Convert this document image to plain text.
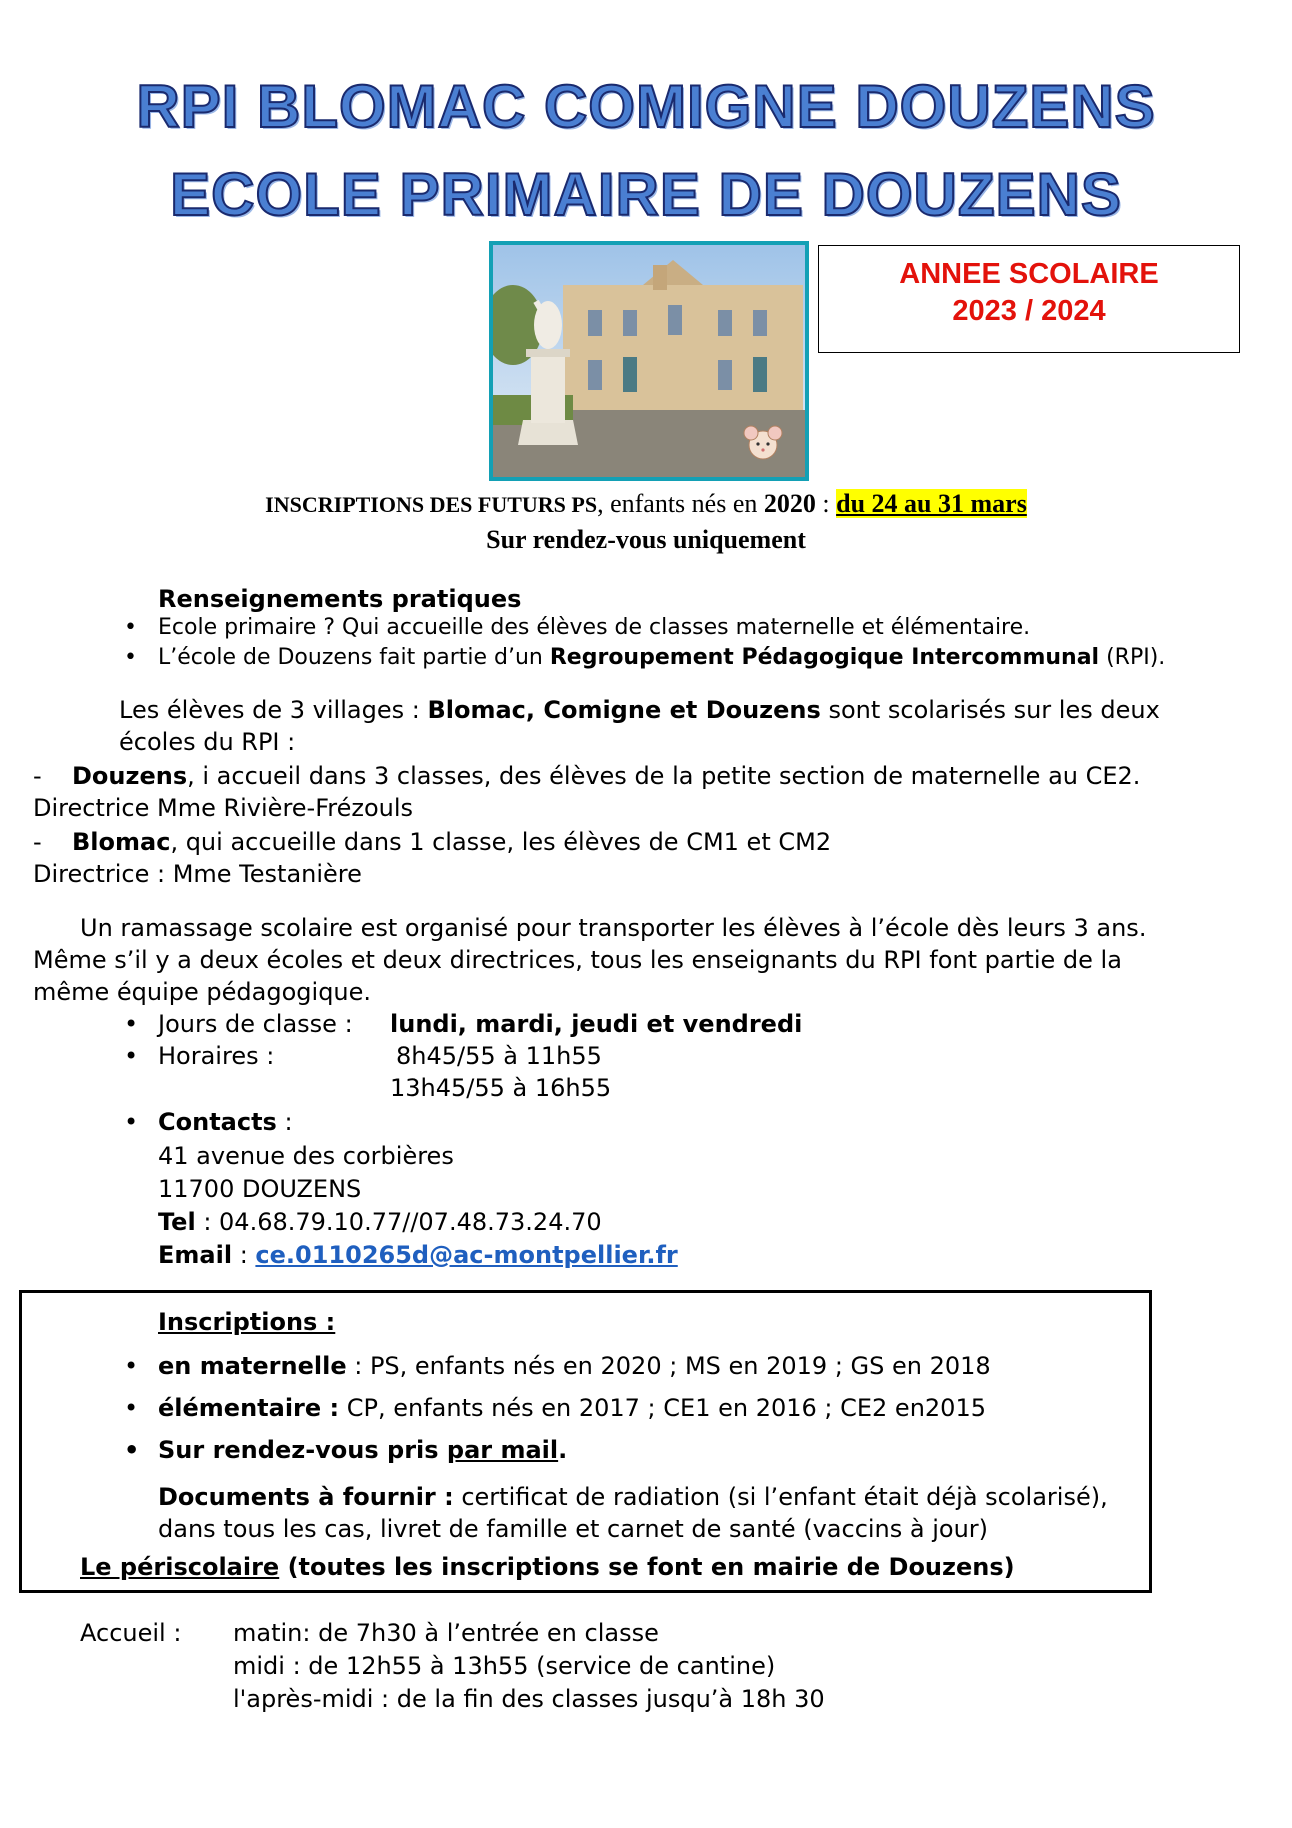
RPI BLOMAC COMIGNE DOUZENS
ECOLE PRIMAIRE DE DOUZENS
ANNEE SCOLAIRE
2023 / 2024
INSCRIPTIONS DES FUTURS PS, enfants nés en 2020 : du 24 au 31 mars
Sur rendez-vous uniquement
Renseignements pratiques
• Ecole primaire ? Qui accueille des élèves de classes maternelle et élémentaire.
• L’école de Douzens fait partie d’un Regroupement Pédagogique Intercommunal (RPI).
Les élèves de 3 villages : Blomac, Comigne et Douzens sont scolarisés sur les deux
écoles du RPI :
- Douzens, i accueil dans 3 classes, des élèves de la petite section de maternelle au CE2.
Directrice Mme Rivière-Frézouls
- Blomac, qui accueille dans 1 classe, les élèves de CM1 et CM2
Directrice : Mme Testanière
Un ramassage scolaire est organisé pour transporter les élèves à l’école dès leurs 3 ans.
Même s’il y a deux écoles et deux directrices, tous les enseignants du RPI font partie de la
même équipe pédagogique.
• Jours de classe : lundi, mardi, jeudi et vendredi
• Horaires :	8h45/55 à 11h55
13h45/55 à 16h55
• Contacts :
41 avenue des corbières
11700 DOUZENS
Tel : 04.68.79.10.77//07.48.73.24.70
Email : ce.0110265d@ac-montpellier.fr
Inscriptions :
• en maternelle : PS, enfants nés en 2020 ; MS en 2019 ; GS en 2018
• élémentaire : CP, enfants nés en 2017 ; CE1 en 2016 ; CE2 en2015
• Sur rendez-vous pris par mail.
Documents à fournir : certificat de radiation (si l’enfant était déjà scolarisé),
dans tous les cas, livret de famille et carnet de santé (vaccins à jour)
Le périscolaire (toutes les inscriptions se font en mairie de Douzens)
Accueil : matin: de 7h30 à l’entrée en classe
midi : de 12h55 à 13h55 (service de cantine)
l'après-midi : de la fin des classes jusqu’à 18h 30
